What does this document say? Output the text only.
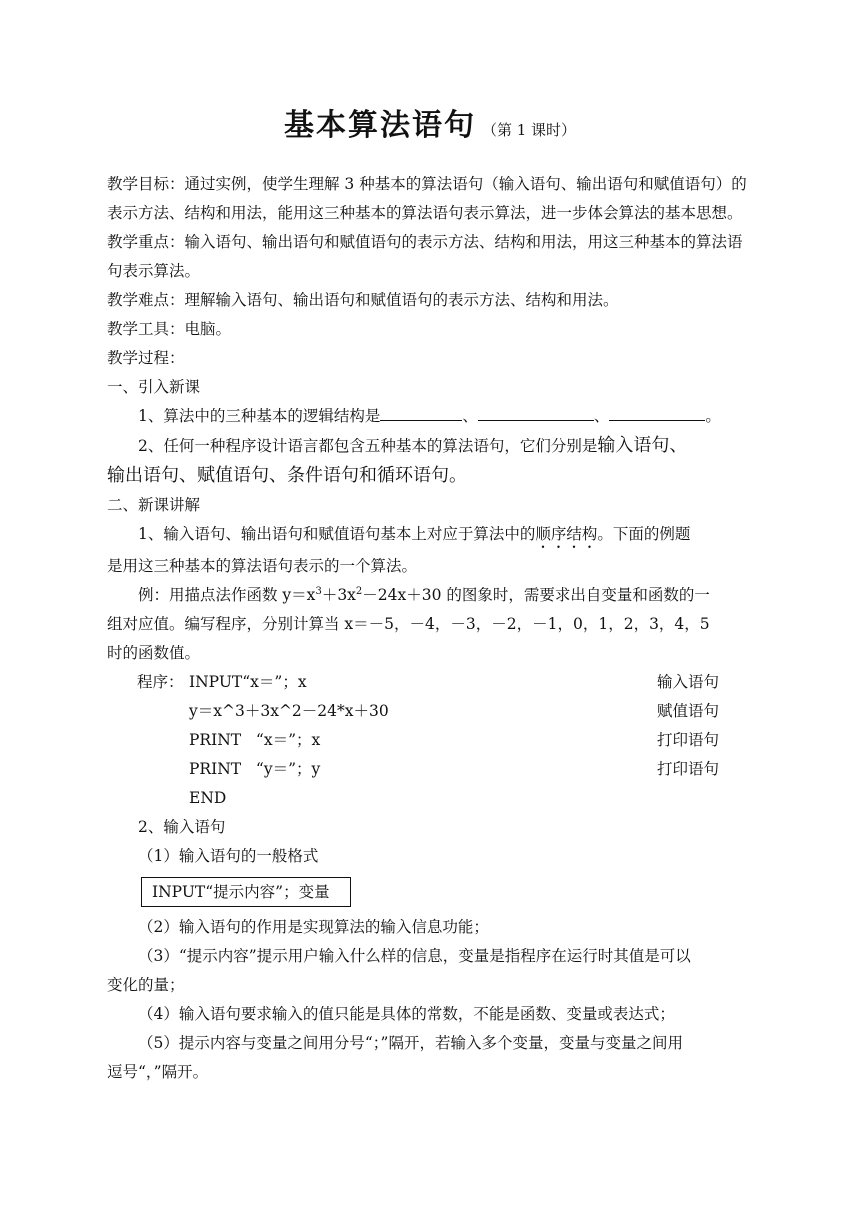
基本算法语句 （第 1 课时）

教学目标：通过实例，使学生理解 3 种基本的算法语句（输入语句、输出语句和赋值语句）的表示方法、结构和用法，能用这三种基本的算法语句表示算法，进一步体会算法的基本思想。

教学重点：输入语句、输出语句和赋值语句的表示方法、结构和用法，用这三种基本的算法语句表示算法。

教学难点：理解输入语句、输出语句和赋值语句的表示方法、结构和用法。

教学工具：电脑。

教学过程：

一、引入新课

1、算法中的三种基本的逻辑结构是	、	、	。

2、任何一种程序设计语言都包含五种基本的算法语句，它们分别是输入语句、

输出语句、赋值语句、条件语句和循环语句。

二、新课讲解

1、输入语句、输出语句和赋值语句基本上对应于算法中的顺序结构。下面的例题

是用这三种基本的算法语句表示的一个算法。

例：用描点法作函数 $y=x^3+3x^2-24x+30$ 的图象时，需要求出自变量和函数的一

组对应值。编写程序，分别计算当 x＝－5，－4，－3，－2，－1，0，1，2，3，4，5

时的函数值。

程序： INPUT“x＝”；x	输入语句
y＝x^3＋3x^2－24*x＋30	赋值语句
PRINT   “x＝”；x	打印语句
PRINT   “y＝”；y	打印语句
END

2、输入语句

（1）输入语句的一般格式

INPUT“提示内容”；变量

（2）输入语句的作用是实现算法的输入信息功能；

（3）“提示内容”提示用户输入什么样的信息，变量是指程序在运行时其值是可以

变化的量；

（4）输入语句要求输入的值只能是具体的常数，不能是函数、变量或表达式；

（5）提示内容与变量之间用分号“；”隔开，若输入多个变量，变量与变量之间用

逗号“，”隔开。
